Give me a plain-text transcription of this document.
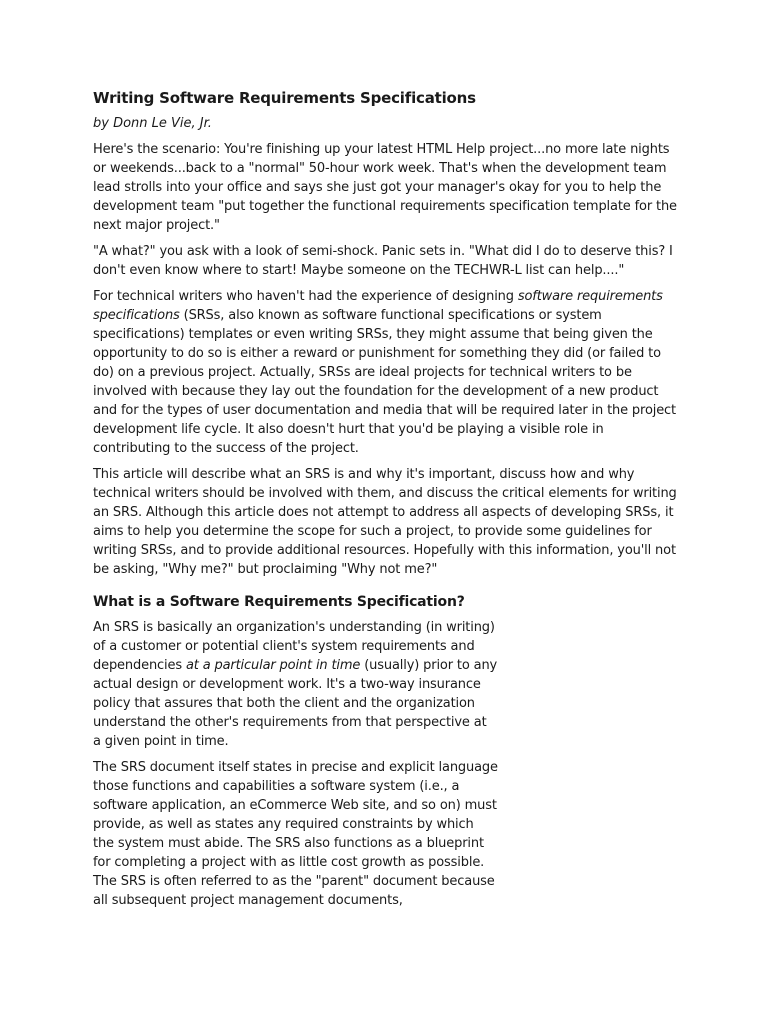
Writing Software Requirements Specifications
by Donn Le Vie, Jr.

Here's the scenario: You're finishing up your latest HTML Help project...no more late nights or weekends...back to a "normal" 50-hour work week. That's when the development team lead strolls into your office and says she just got your manager's okay for you to help the development team "put together the functional requirements specification template for the next major project."

"A what?" you ask with a look of semi-shock. Panic sets in. "What did I do to deserve this? I don't even know where to start! Maybe someone on the TECHWR-L list can help...."

For technical writers who haven't had the experience of designing software requirements specifications (SRSs, also known as software functional specifications or system specifications) templates or even writing SRSs, they might assume that being given the opportunity to do so is either a reward or punishment for something they did (or failed to do) on a previous project. Actually, SRSs are ideal projects for technical writers to be involved with because they lay out the foundation for the development of a new product and for the types of user documentation and media that will be required later in the project development life cycle. It also doesn't hurt that you'd be playing a visible role in contributing to the success of the project.

This article will describe what an SRS is and why it's important, discuss how and why technical writers should be involved with them, and discuss the critical elements for writing an SRS. Although this article does not attempt to address all aspects of developing SRSs, it aims to help you determine the scope for such a project, to provide some guidelines for writing SRSs, and to provide additional resources. Hopefully with this information, you'll not be asking, "Why me?" but proclaiming "Why not me?"

What is a Software Requirements Specification?

An SRS is basically an organization's understanding (in writing) of a customer or potential client's system requirements and dependencies at a particular point in time (usually) prior to any actual design or development work. It's a two-way insurance policy that assures that both the client and the organization understand the other's requirements from that perspective at a given point in time.

The SRS document itself states in precise and explicit language those functions and capabilities a software system (i.e., a software application, an eCommerce Web site, and so on) must provide, as well as states any required constraints by which the system must abide. The SRS also functions as a blueprint for completing a project with as little cost growth as possible. The SRS is often referred to as the "parent" document because all subsequent project management documents,
